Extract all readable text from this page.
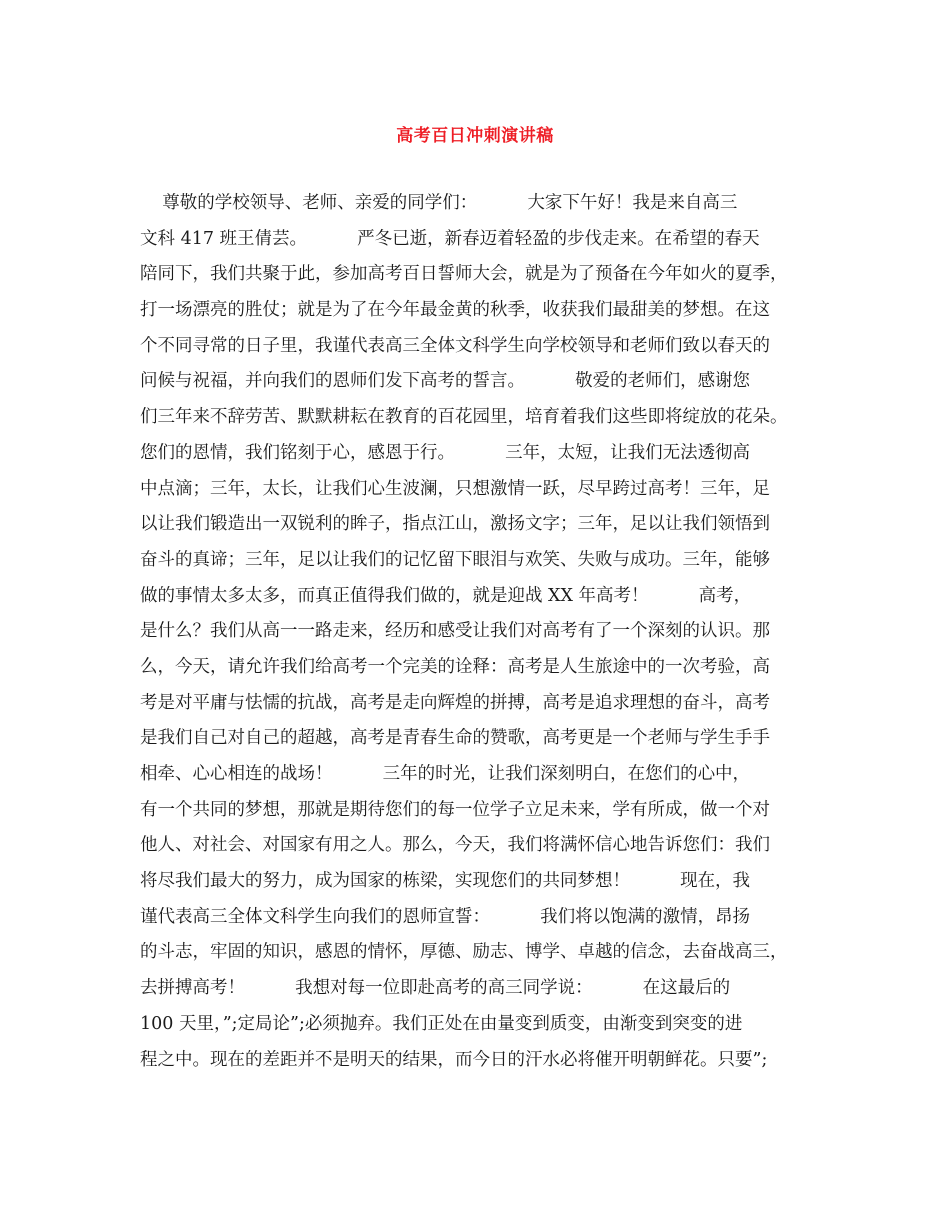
高考百日冲刺演讲稿
尊敬的学校领导、老师、亲爱的同学们：         大家下午好！我是来自高三
文科 417 班王倩芸。         严冬已逝，新春迈着轻盈的步伐走来。在希望的春天
陪同下，我们共聚于此，参加高考百日誓师大会，就是为了预备在今年如火的夏季，
打一场漂亮的胜仗；就是为了在今年最金黄的秋季，收获我们最甜美的梦想。在这
个不同寻常的日子里，我谨代表高三全体文科学生向学校领导和老师们致以春天的
问候与祝福，并向我们的恩师们发下高考的誓言。         敬爱的老师们，感谢您
们三年来不辞劳苦、默默耕耘在教育的百花园里，培育着我们这些即将绽放的花朵。
您们的恩情，我们铭刻于心，感恩于行。         三年，太短，让我们无法透彻高
中点滴；三年，太长，让我们心生波澜，只想激情一跃，尽早跨过高考！三年，足
以让我们锻造出一双锐利的眸子，指点江山，激扬文字；三年，足以让我们领悟到
奋斗的真谛；三年，足以让我们的记忆留下眼泪与欢笑、失败与成功。三年，能够
做的事情太多太多，而真正值得我们做的，就是迎战 XX 年高考！         高考，
是什么？我们从高一一路走来，经历和感受让我们对高考有了一个深刻的认识。那
么，今天，请允许我们给高考一个完美的诠释：高考是人生旅途中的一次考验，高
考是对平庸与怯懦的抗战，高考是走向辉煌的拼搏，高考是追求理想的奋斗，高考
是我们自己对自己的超越，高考是青春生命的赞歌，高考更是一个老师与学生手手
相牵、心心相连的战场！         三年的时光，让我们深刻明白，在您们的心中，
有一个共同的梦想，那就是期待您们的每一位学子立足未来，学有所成，做一个对
他人、对社会、对国家有用之人。那么，今天，我们将满怀信心地告诉您们：我们
将尽我们最大的努力，成为国家的栋梁，实现您们的共同梦想！         现在，我
谨代表高三全体文科学生向我们的恩师宣誓：         我们将以饱满的激情，昂扬
的斗志，牢固的知识，感恩的情怀，厚德、励志、博学、卓越的信念，去奋战高三，
去拼搏高考！         我想对每一位即赴高考的高三同学说：         在这最后的
100 天里，”;定局论”;必须抛弃。我们正处在由量变到质变，由渐变到突变的进
程之中。现在的差距并不是明天的结果，而今日的汗水必将催开明朝鲜花。只要”;
